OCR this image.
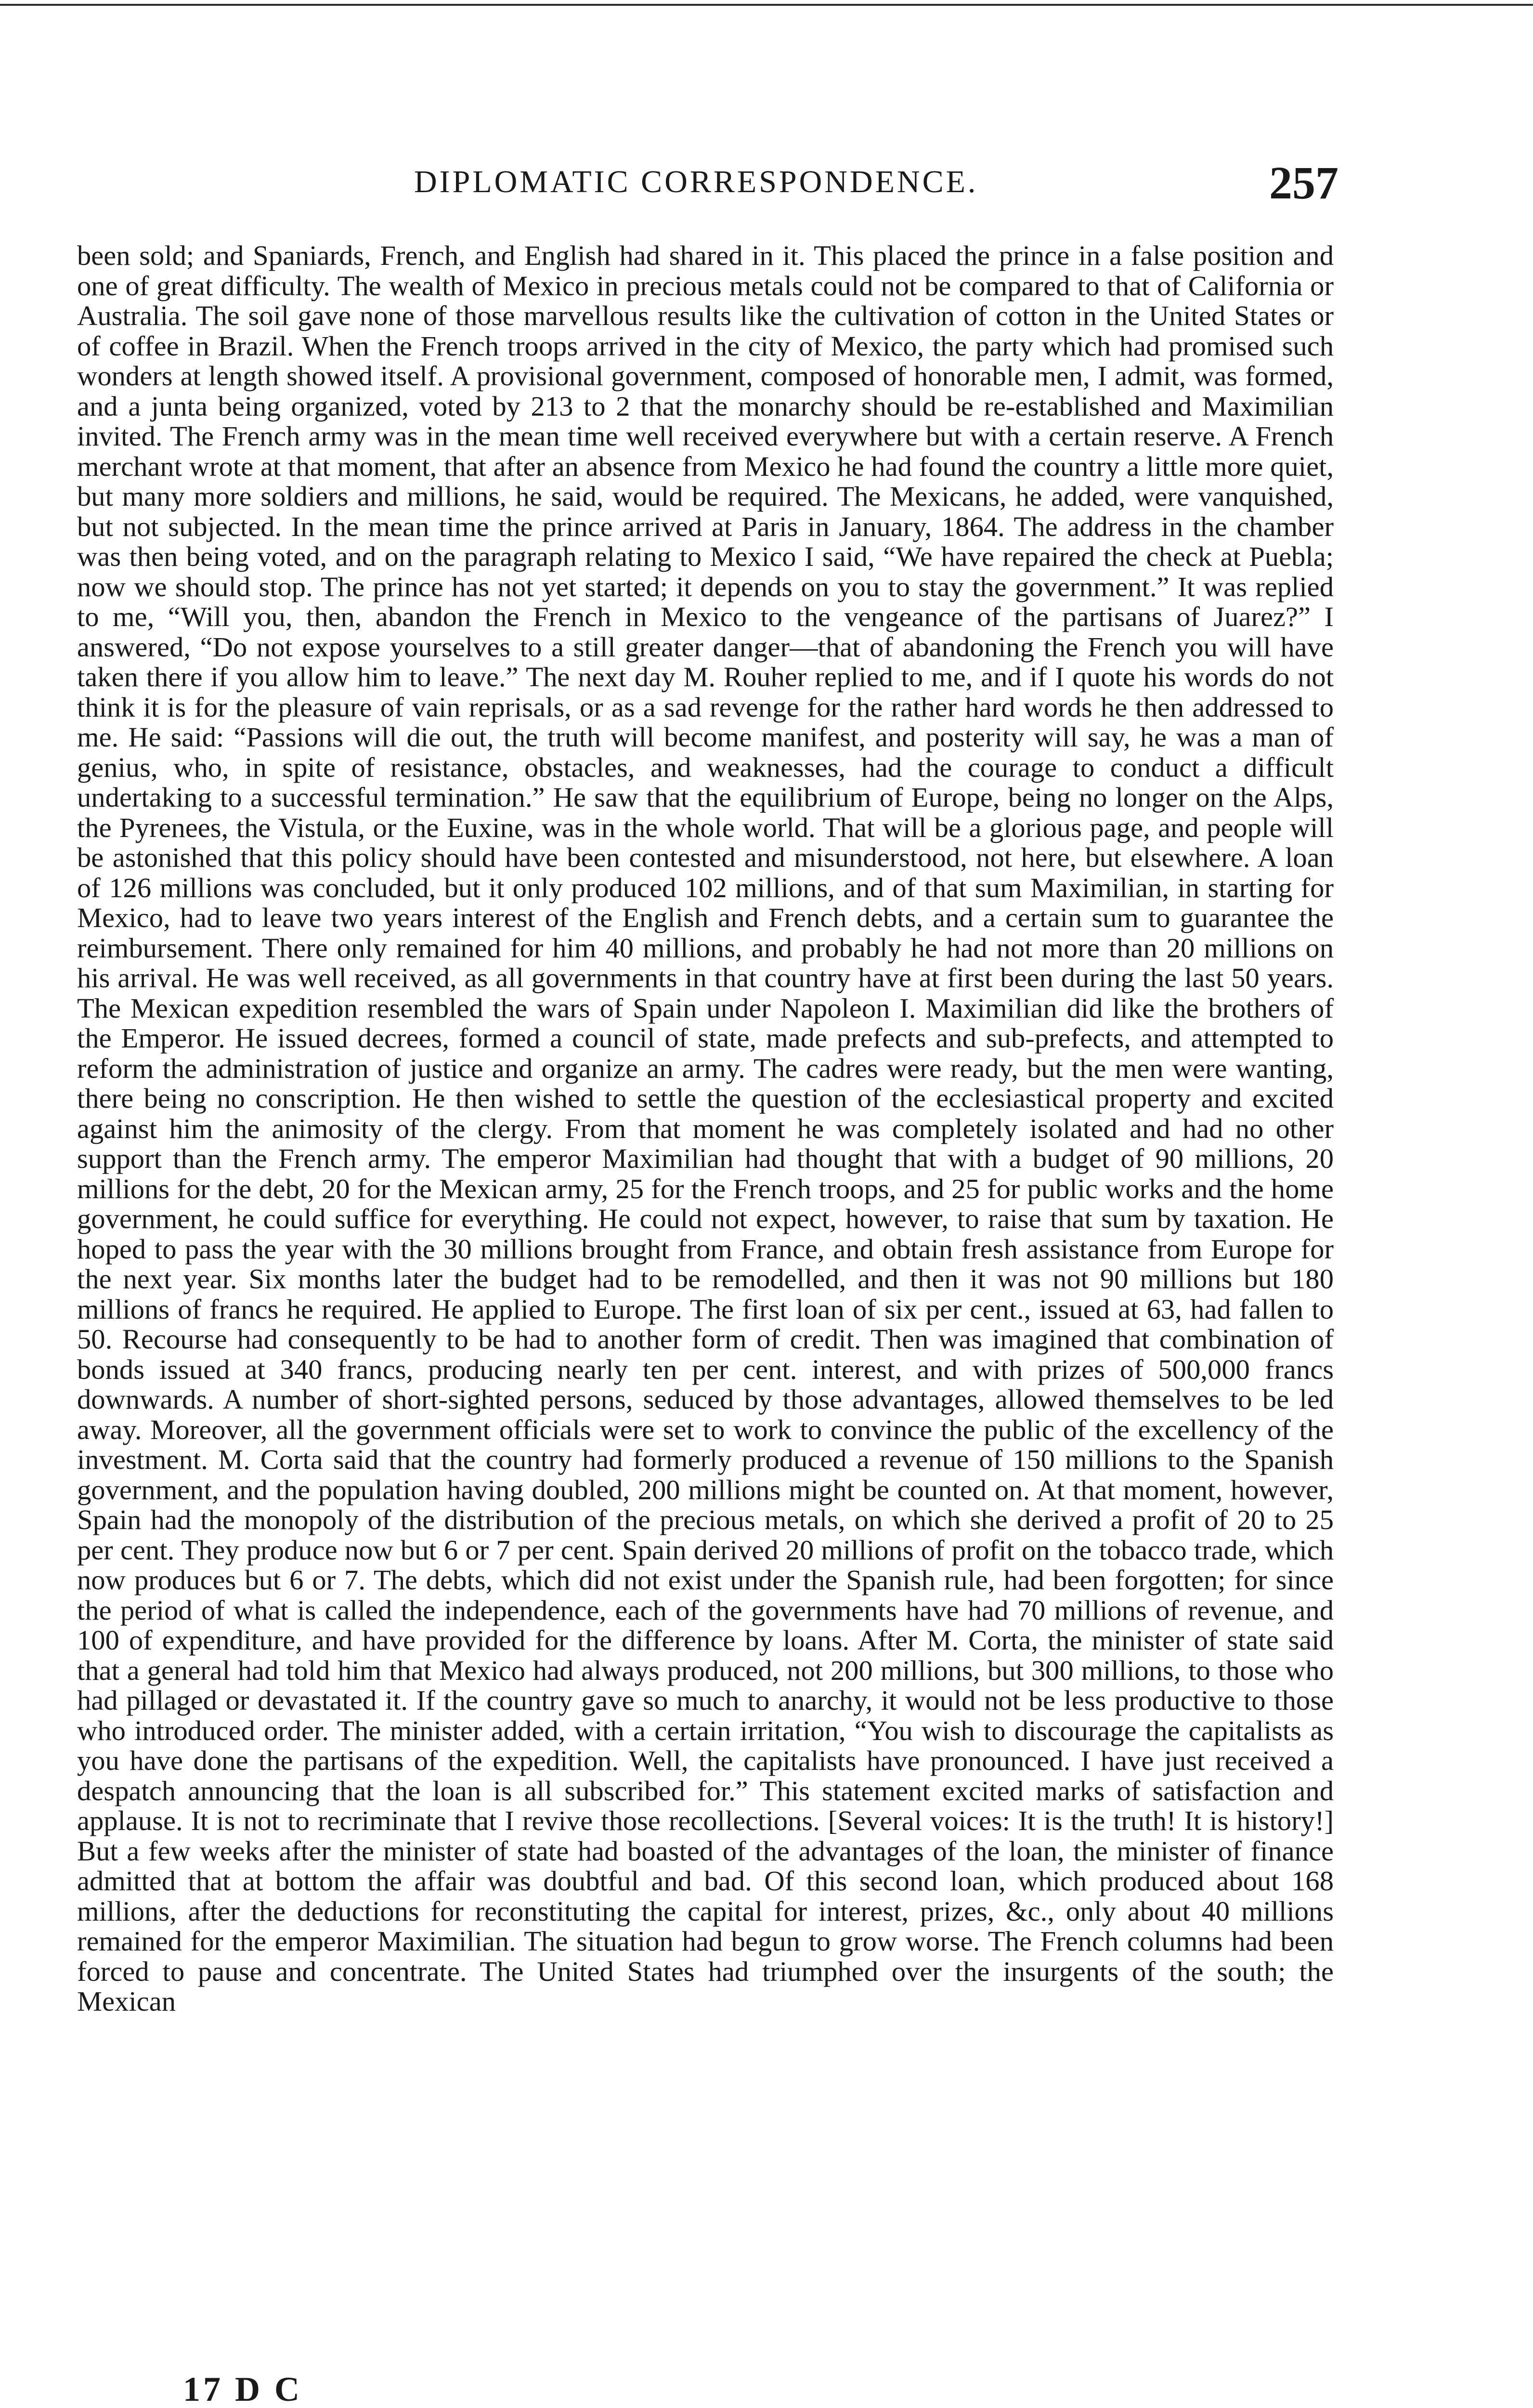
DIPLOMATIC CORRESPONDENCE.	257

been sold; and Spaniards, French, and English had shared in it. This placed the prince in a false position and one of great difficulty. The wealth of Mexico in precious metals could not be compared to that of California or Australia. The soil gave none of those marvellous results like the cultivation of cotton in the United States or of coffee in Brazil. When the French troops arrived in the city of Mexico, the party which had promised such wonders at length showed itself. A provisional government, composed of honorable men, I admit, was formed, and a junta being organized, voted by 213 to 2 that the monarchy should be re-established and Maximilian invited. The French army was in the mean time well received everywhere but with a certain reserve. A French merchant wrote at that moment, that after an absence from Mexico he had found the country a little more quiet, but many more soldiers and millions, he said, would be required. The Mexicans, he added, were vanquished, but not subjected. In the mean time the prince arrived at Paris in January, 1864. The address in the chamber was then being voted, and on the paragraph relating to Mexico I said, “We have repaired the check at Puebla; now we should stop. The prince has not yet started; it depends on you to stay the government.” It was replied to me, “Will you, then, abandon the French in Mexico to the vengeance of the partisans of Juarez?” I answered, “Do not expose yourselves to a still greater danger—that of abandoning the French you will have taken there if you allow him to leave.” The next day M. Rouher replied to me, and if I quote his words do not think it is for the pleasure of vain reprisals, or as a sad revenge for the rather hard words he then addressed to me. He said: “Passions will die out, the truth will become manifest, and posterity will say, he was a man of genius, who, in spite of resistance, obstacles, and weaknesses, had the courage to conduct a difficult undertaking to a successful termination.” He saw that the equilibrium of Europe, being no longer on the Alps, the Pyrenees, the Vistula, or the Euxine, was in the whole world. That will be a glorious page, and people will be astonished that this policy should have been contested and misunderstood, not here, but elsewhere. A loan of 126 millions was concluded, but it only produced 102 millions, and of that sum Maximilian, in starting for Mexico, had to leave two years interest of the English and French debts, and a certain sum to guarantee the reimbursement. There only remained for him 40 millions, and probably he had not more than 20 millions on his arrival. He was well received, as all governments in that country have at first been during the last 50 years. The Mexican expedition resembled the wars of Spain under Napoleon I. Maximilian did like the brothers of the Emperor. He issued decrees, formed a council of state, made prefects and sub-prefects, and attempted to reform the administration of justice and organize an army. The cadres were ready, but the men were wanting, there being no conscription. He then wished to settle the question of the ecclesiastical property and excited against him the animosity of the clergy. From that moment he was completely isolated and had no other support than the French army. The emperor Maximilian had thought that with a budget of 90 millions, 20 millions for the debt, 20 for the Mexican army, 25 for the French troops, and 25 for public works and the home government, he could suffice for everything. He could not expect, however, to raise that sum by taxation. He hoped to pass the year with the 30 millions brought from France, and obtain fresh assistance from Europe for the next year. Six months later the budget had to be remodelled, and then it was not 90 millions but 180 millions of francs he required. He applied to Europe. The first loan of six per cent., issued at 63, had fallen to 50. Recourse had consequently to be had to another form of credit. Then was imagined that combination of bonds issued at 340 francs, producing nearly ten per cent. interest, and with prizes of 500,000 francs downwards. A number of short-sighted persons, seduced by those advantages, allowed themselves to be led away. Moreover, all the government officials were set to work to convince the public of the excellency of the investment. M. Corta said that the country had formerly produced a revenue of 150 millions to the Spanish government, and the population having doubled, 200 millions might be counted on. At that moment, however, Spain had the monopoly of the distribution of the precious metals, on which she derived a profit of 20 to 25 per cent. They produce now but 6 or 7 per cent. Spain derived 20 millions of profit on the tobacco trade, which now produces but 6 or 7. The debts, which did not exist under the Spanish rule, had been forgotten; for since the period of what is called the independence, each of the governments have had 70 millions of revenue, and 100 of expenditure, and have provided for the difference by loans. After M. Corta, the minister of state said that a general had told him that Mexico had always produced, not 200 millions, but 300 millions, to those who had pillaged or devastated it. If the country gave so much to anarchy, it would not be less productive to those who introduced order. The minister added, with a certain irritation, “You wish to discourage the capitalists as you have done the partisans of the expedition. Well, the capitalists have pronounced. I have just received a despatch announcing that the loan is all subscribed for.” This statement excited marks of satisfaction and applause. It is not to recriminate that I revive those recollections. [Several voices: It is the truth! It is history!] But a few weeks after the minister of state had boasted of the advantages of the loan, the minister of finance admitted that at bottom the affair was doubtful and bad. Of this second loan, which produced about 168 millions, after the deductions for reconstituting the capital for interest, prizes, &c., only about 40 millions remained for the emperor Maximilian. The situation had begun to grow worse. The French columns had been forced to pause and concentrate. The United States had triumphed over the insurgents of the south; the Mexican

17 D C
